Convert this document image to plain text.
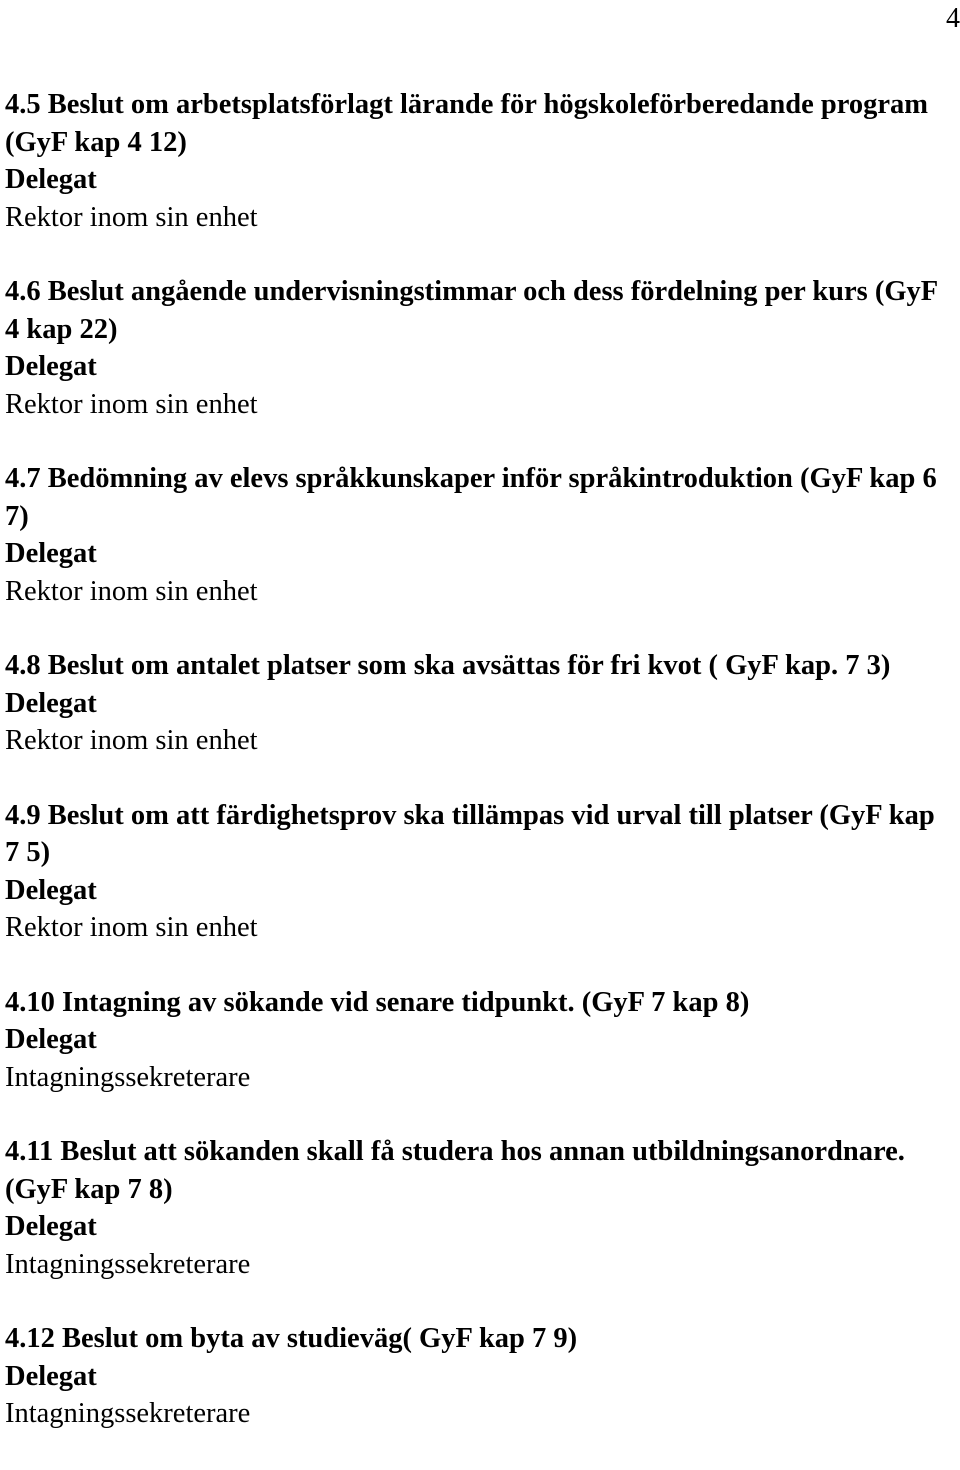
4
4.5 Beslut om arbetsplatsförlagt lärande för högskoleförberedande program (GyF kap 4 12)
Delegat
Rektor inom sin enhet
4.6 Beslut angående undervisningstimmar och dess fördelning per kurs (GyF 4 kap 22)
Delegat
Rektor inom sin enhet
4.7 Bedömning av elevs språkkunskaper inför språkintroduktion (GyF kap 6 7)
Delegat
Rektor inom sin enhet
4.8 Beslut om antalet platser som ska avsättas för fri kvot ( GyF kap. 7 3)
Delegat
Rektor inom sin enhet
4.9 Beslut om att färdighetsprov ska tillämpas vid urval till platser (GyF kap 7 5)
Delegat
Rektor inom sin enhet
4.10 Intagning av sökande vid senare tidpunkt. (GyF 7 kap 8)
Delegat
Intagningssekreterare
4.11 Beslut att sökanden skall få studera hos annan utbildningsanordnare. (GyF kap 7 8)
Delegat
Intagningssekreterare
4.12 Beslut om byta av studieväg( GyF kap 7 9)
Delegat
Intagningssekreterare
